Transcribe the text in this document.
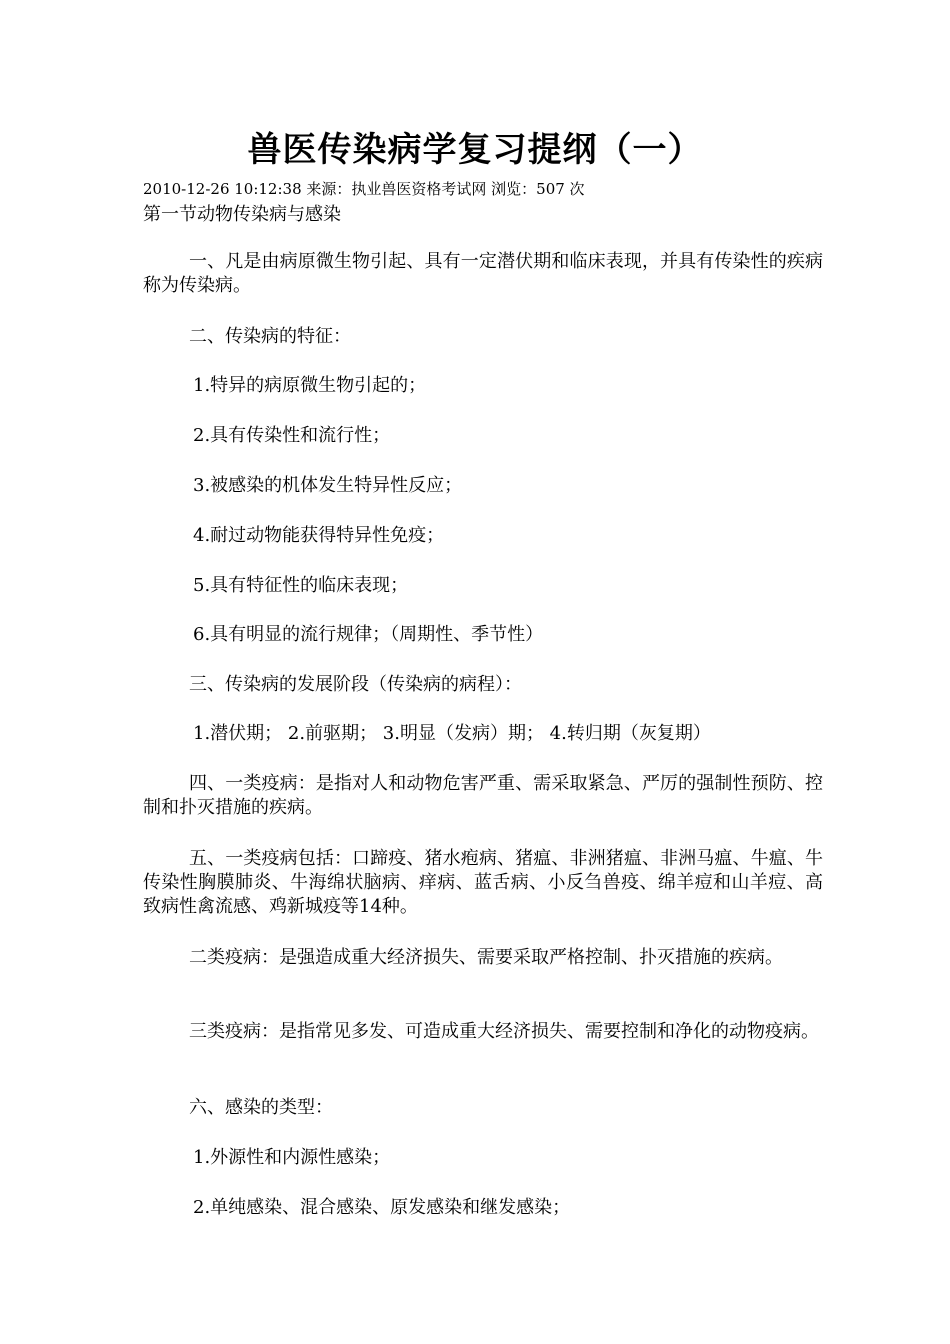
兽医传染病学复习提纲（一）
2010-12-26 10:12:38 来源：执业兽医资格考试网 浏览：507 次
第一节动物传染病与感染
一、凡是由病原微生物引起、具有一定潜伏期和临床表现，并具有传染性的疾病称为传染病。
二、传染病的特征：
1.特异的病原微生物引起的；
2.具有传染性和流行性；
3.被感染的机体发生特异性反应；
4.耐过动物能获得特异性免疫；
5.具有特征性的临床表现；
6.具有明显的流行规律；（周期性、季节性）
三、传染病的发展阶段（传染病的病程）：
1.潜伏期； 2.前驱期； 3.明显（发病）期； 4.转归期（灰复期）
四、一类疫病：是指对人和动物危害严重、需采取紧急、严厉的强制性预防、控制和扑灭措施的疾病。
五、一类疫病包括：口蹄疫、猪水疱病、猪瘟、非洲猪瘟、非洲马瘟、牛瘟、牛传染性胸膜肺炎、牛海绵状脑病、痒病、蓝舌病、小反刍兽疫、绵羊痘和山羊痘、高致病性禽流感、鸡新城疫等14种。
二类疫病：是强造成重大经济损失、需要采取严格控制、扑灭措施的疾病。
三类疫病：是指常见多发、可造成重大经济损失、需要控制和净化的动物疫病。
六、感染的类型：
1.外源性和内源性感染；
2.单纯感染、混合感染、原发感染和继发感染；
